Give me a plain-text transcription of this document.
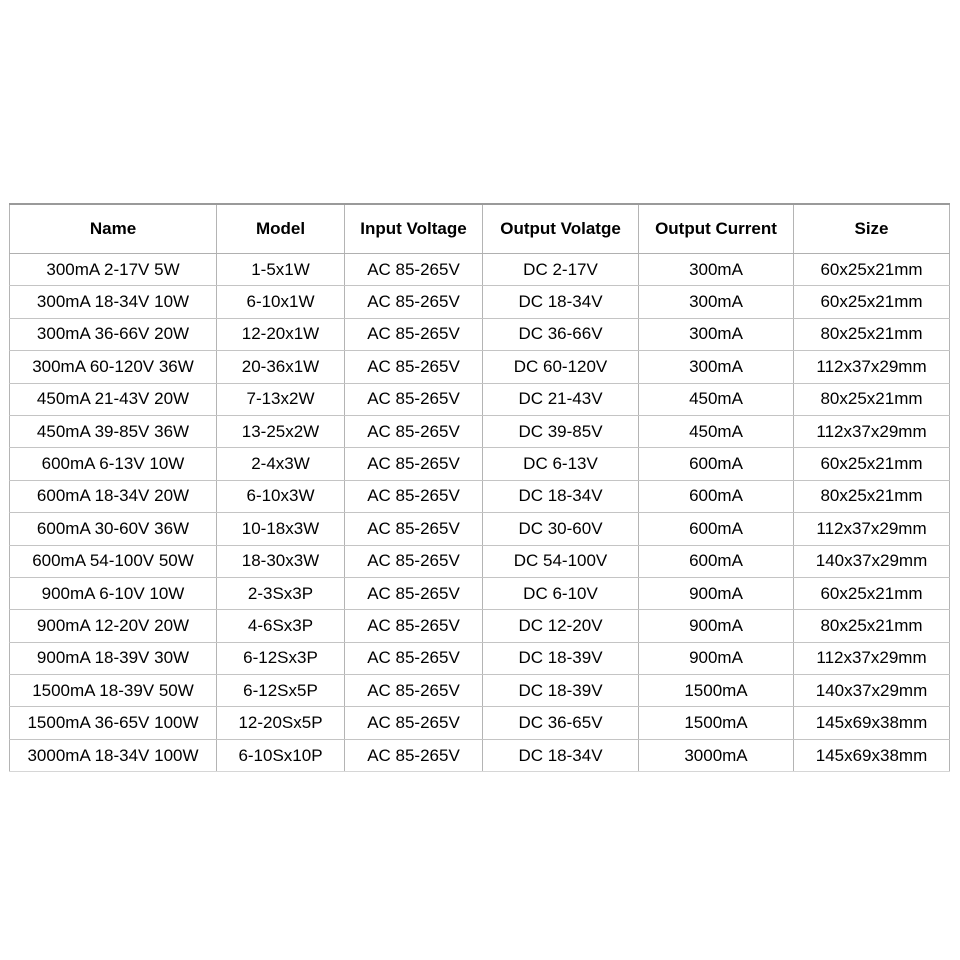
Name	Model	Input Voltage	Output Volatge	Output Current	Size
300mA 2-17V 5W	1-5x1W	AC 85-265V	DC 2-17V	300mA	60x25x21mm
300mA 18-34V 10W	6-10x1W	AC 85-265V	DC 18-34V	300mA	60x25x21mm
300mA 36-66V 20W	12-20x1W	AC 85-265V	DC 36-66V	300mA	80x25x21mm
300mA 60-120V 36W	20-36x1W	AC 85-265V	DC 60-120V	300mA	112x37x29mm
450mA 21-43V 20W	7-13x2W	AC 85-265V	DC 21-43V	450mA	80x25x21mm
450mA 39-85V 36W	13-25x2W	AC 85-265V	DC 39-85V	450mA	112x37x29mm
600mA 6-13V 10W	2-4x3W	AC 85-265V	DC 6-13V	600mA	60x25x21mm
600mA 18-34V 20W	6-10x3W	AC 85-265V	DC 18-34V	600mA	80x25x21mm
600mA 30-60V 36W	10-18x3W	AC 85-265V	DC 30-60V	600mA	112x37x29mm
600mA 54-100V 50W	18-30x3W	AC 85-265V	DC 54-100V	600mA	140x37x29mm
900mA 6-10V 10W	2-3Sx3P	AC 85-265V	DC 6-10V	900mA	60x25x21mm
900mA 12-20V 20W	4-6Sx3P	AC 85-265V	DC 12-20V	900mA	80x25x21mm
900mA 18-39V 30W	6-12Sx3P	AC 85-265V	DC 18-39V	900mA	112x37x29mm
1500mA 18-39V 50W	6-12Sx5P	AC 85-265V	DC 18-39V	1500mA	140x37x29mm
1500mA 36-65V 100W	12-20Sx5P	AC 85-265V	DC 36-65V	1500mA	145x69x38mm
3000mA 18-34V 100W	6-10Sx10P	AC 85-265V	DC 18-34V	3000mA	145x69x38mm
